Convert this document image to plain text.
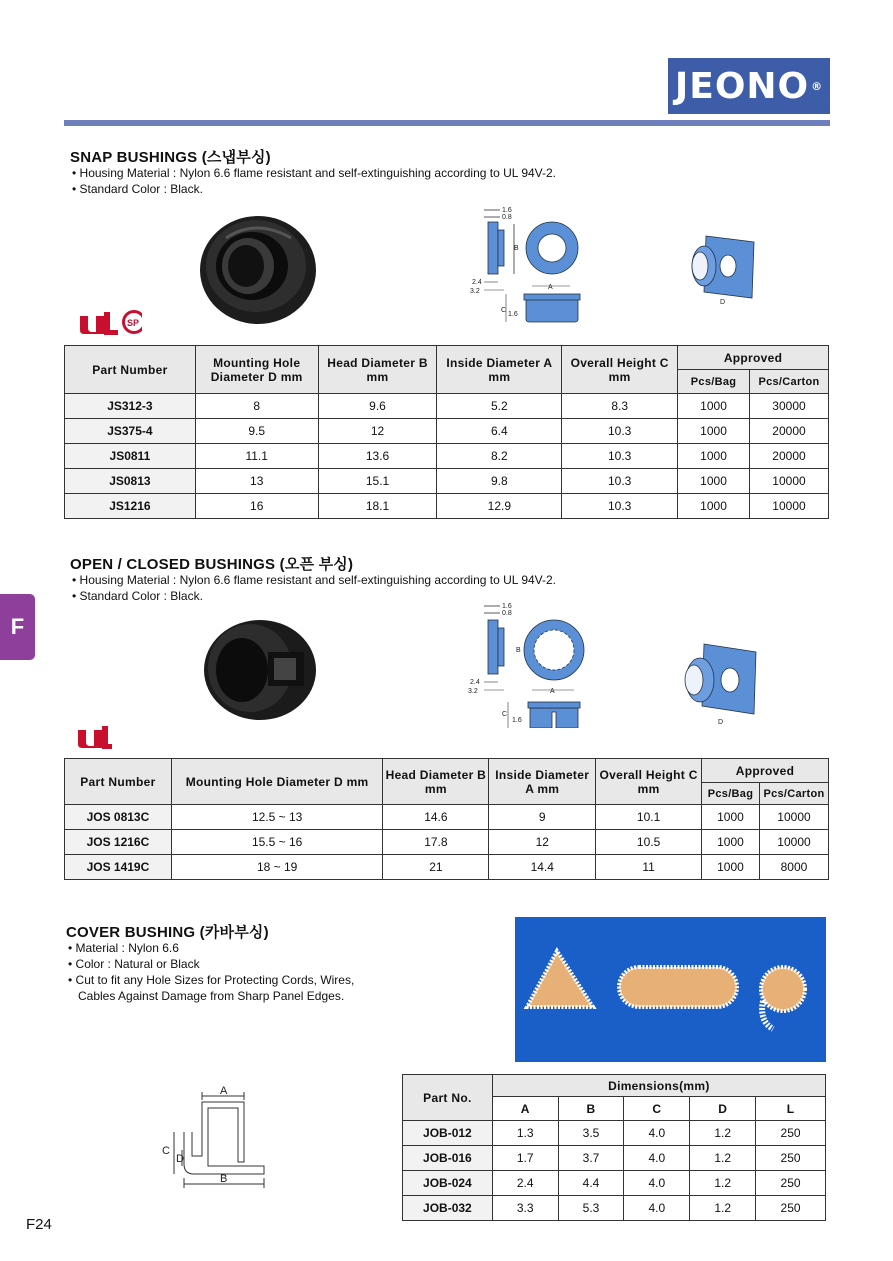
JEONO ®
F
SNAP BUSHINGS (스냅부싱)
• Housing Material : Nylon 6.6 flame resistant and self-extinguishing according to UL 94V-2.
• Standard Color : Black.
1.6
0.8
B
A
2.4
3.2
C
1.6
D
SP
Part Number	Mounting Hole Diameter D mm	Head Diameter B mm	Inside Diameter A mm	Overall Height C mm	Approved	
					Pcs/Bag	Pcs/Carton
JS312-3	8	9.6	5.2	8.3	1000	30000
JS375-4	9.5	12	6.4	10.3	1000	20000
JS0811	11.1	13.6	8.2	10.3	1000	20000
JS0813	13	15.1	9.8	10.3	1000	10000
JS1216	16	18.1	12.9	10.3	1000	10000
OPEN / CLOSED BUSHINGS (오픈 부싱)
• Housing Material : Nylon 6.6 flame resistant and self-extinguishing according to UL 94V-2.
• Standard Color : Black.
1.6
0.8
B
A
2.4
3.2
C
1.6	D
Part Number	Mounting Hole Diameter D mm	Head Diameter B mm	Inside Diameter A mm	Overall Height C mm	Approved	
					Pcs/Bag	Pcs/Carton
JOS 0813C	12.5 ~ 13	14.6	9	10.1	1000	10000
JOS 1216C	15.5 ~ 16	17.8	12	10.5	1000	10000
JOS 1419C	18 ~ 19	21	14.4	11	1000	8000
COVER BUSHING (카바부싱)
• Material : Nylon 6.6
• Color : Natural or Black
• Cut to fit any Hole Sizes for Protecting Cords, Wires,
Cables Against Damage from Sharp Panel Edges.
A
B
C
D
Part No.	Dimensions(mm)				
	A	B	C	D	L
JOB-012	1.3	3.5	4.0	1.2	250
JOB-016	1.7	3.7	4.0	1.2	250
JOB-024	2.4	4.4	4.0	1.2	250
JOB-032	3.3	5.3	4.0	1.2	250
F24
